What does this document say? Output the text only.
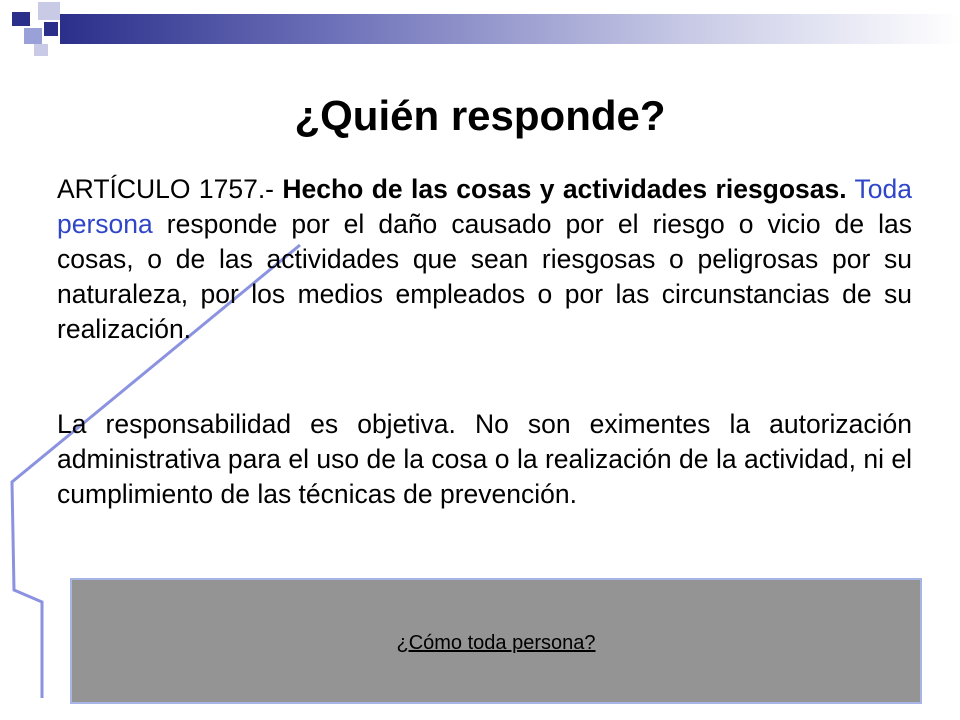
¿Quién responde?

ARTÍCULO 1757.- Hecho de las cosas y actividades riesgosas. Toda persona responde por el daño causado por el riesgo o vicio de las cosas, o de las actividades que sean riesgosas o peligrosas por su naturaleza, por los medios empleados o por las circunstancias de su realización.

La responsabilidad es objetiva. No son eximentes la autorización administrativa para el uso de la cosa o la realización de la actividad, ni el cumplimiento de las técnicas de prevención.

¿Cómo toda persona?
